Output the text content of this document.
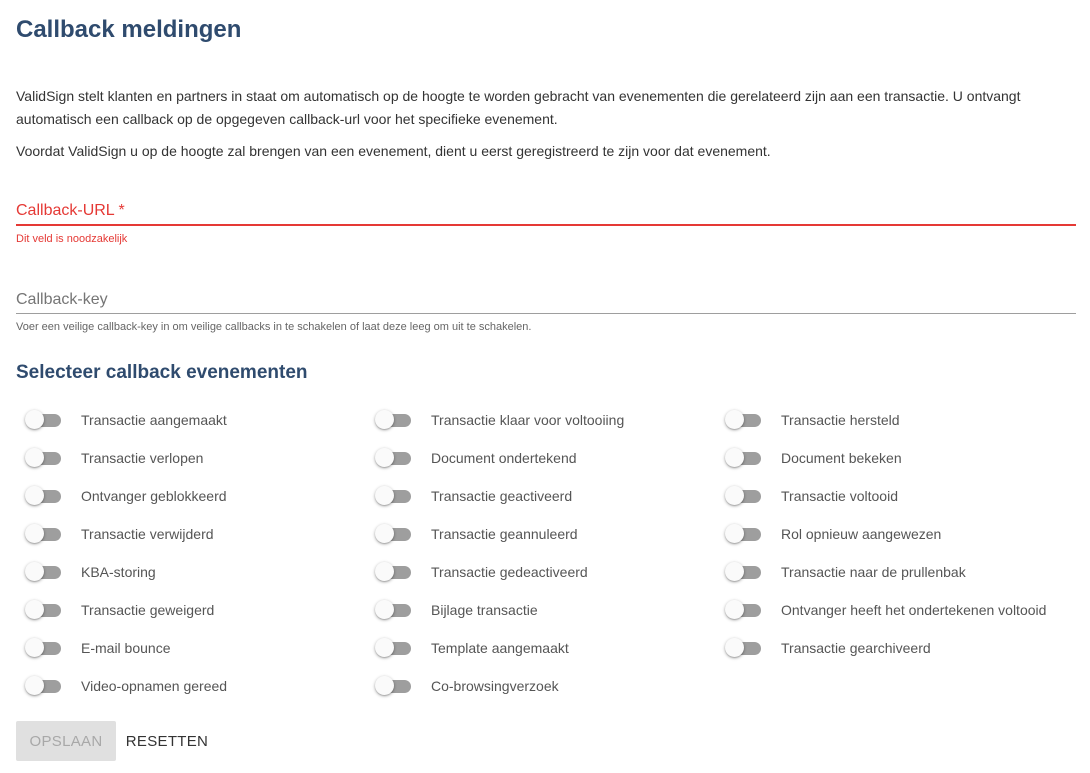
Callback meldingen

ValidSign stelt klanten en partners in staat om automatisch op de hoogte te worden gebracht van evenementen die gerelateerd zijn aan een transactie. U ontvangt automatisch een callback op de opgegeven callback-url voor het specifieke evenement.

Voordat ValidSign u op de hoogte zal brengen van een evenement, dient u eerst geregistreerd te zijn voor dat evenement.

Callback-URL *
Dit veld is noodzakelijk
Callback-key
Voer een veilige callback-key in om veilige callbacks in te schakelen of laat deze leeg om uit te schakelen.
Selecteer callback evenementen
Transactie aangemaakt
Transactie verlopen
Ontvanger geblokkeerd
Transactie verwijderd
KBA-storing
Transactie geweigerd
E-mail bounce
Video-opnamen gereed
Transactie klaar voor voltooiing
Document ondertekend
Transactie geactiveerd
Transactie geannuleerd
Transactie gedeactiveerd
Bijlage transactie
Template aangemaakt
Co-browsingverzoek
Transactie hersteld
Document bekeken
Transactie voltooid
Rol opnieuw aangewezen
Transactie naar de prullenbak
Ontvanger heeft het ondertekenen voltooid
Transactie gearchiveerd
OPSLAAN	RESETTEN
